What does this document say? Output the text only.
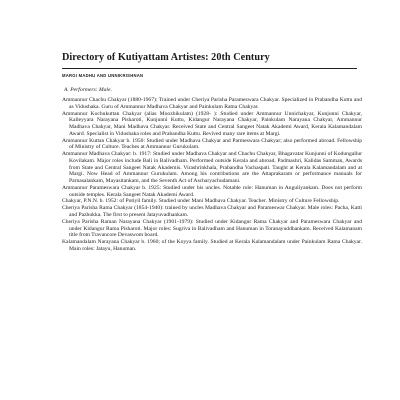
Directory of Kutiyattam Artistes: 20th Century
MARGI MADHU AND UNNIKRISHNAN
A. Performers: Male.

Ammannur Chachu Chakyar (1880-1967): Trained under Cheriya Parisha Parameswara Chakyar. Specialized in Prabandha Kuttu and as Vidushaka. Guru of Ammannur Madhava Chakyar and Painkulam Rama Chakyar.

Ammannur Kochukuttan Chakyar (alias Moozhikulam) (1928- ): Studied under Ammannur Unnichakyar, Kunjunni Chakyar, Kalleyyara Narayana Pisharoti, Kunjunni Kuttu, Kidangur Narayana Chakyar, Painkulam Narayana Chakyar, Ammannur Madhava Chakyar, Mani Madhava Chakyar. Received State and Central Sangeet Natak Akademi Award, Kerala Kalamandalam Award. Specialist in Vidushaka roles and Prabandha Kuttu. Revived many rare items at Margi.

Ammannur Kuttan Chakyar b. 1950: Studied under Madhava Chakyar and Parmeswara Chakyar; also performed abroad. Fellowship of Ministry of Culture. Teaches at Ammannur Gurukulam.

Ammannur Madhava Chakyar: b. 1917: Studied under Madhava Chakyar and Chachu Chakyar, Bhagavatar Kunjunni of Kodungallur Kovilakam. Major roles include Bali in Balivadham. Performed outside Kerala and abroad. Padmashri, Kalidas Samman, Awards from State and Central Sangeet Natak Akademis. Virashrinkhala, Prabandha Vachaspati. Taught at Kerala Kalamandalam and at Margi. Now Head of Ammannur Gurukulam. Among his contributions are the Attaprakaram or performance manuals for Parnasalankam, Mayasitankam, and the Seventh Act of Ascharyachudamani.

Ammannur Parameswara Chakyar b. 1925: Studied under his uncles. Notable role: Hanuman in Anguliyankam. Does not perform outside temples. Kerala Sangeet Natak Akademi Award.

Chakyar, P.N.N. b. 1952: of Potiyil family. Studied under Mani Madhava Chakyar. Teacher. Ministry of Culture Fellowship.

Cheriya Parisha Rama Chakyar (1854-1940): trained by uncles Madhava Chakyar and Parameswar Chakyar. Male roles: Pacha, Katti and Pazhukka. The first to present Jatayuvadhankam.

Cheriya Parisha Raman Narayana Chakyar (1901-1979): Studied under Kidangur Rama Chakyar and Parameswara Chakyar and under Kidangur Rama Pisharoti. Major roles: Sugriva in Balivadham and Hanuman in Toranayuddhankam. Received Kalamanam title from Travancore Devaswom board.

Kalamandalam Narayana Chakyar b. 1960; of the Koyya family. Studied at Kerala Kalamandalam under Painkulam Rama Chakyar. Main roles: Jatayu, Hanuman.
